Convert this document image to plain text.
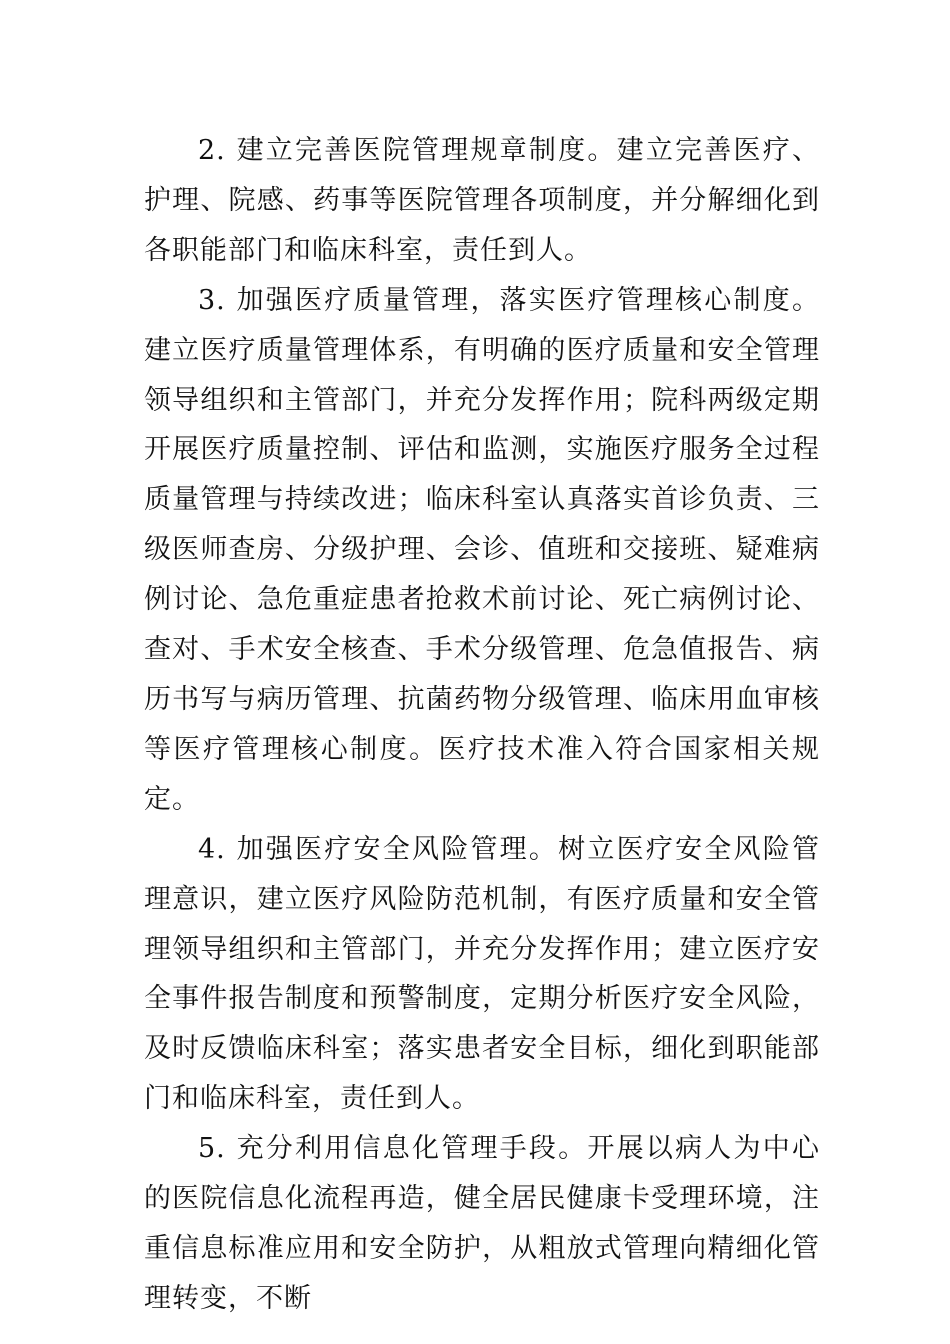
2. 建立完善医院管理规章制度。建立完善医疗、护理、院感、药事等医院管理各项制度，并分解细化到各职能部门和临床科室，责任到人。

3. 加强医疗质量管理，落实医疗管理核心制度。建立医疗质量管理体系，有明确的医疗质量和安全管理领导组织和主管部门，并充分发挥作用；院科两级定期开展医疗质量控制、评估和监测，实施医疗服务全过程质量管理与持续改进；临床科室认真落实首诊负责、三级医师查房、分级护理、会诊、值班和交接班、疑难病例讨论、急危重症患者抢救术前讨论、死亡病例讨论、查对、手术安全核查、手术分级管理、危急值报告、病历书写与病历管理、抗菌药物分级管理、临床用血审核等医疗管理核心制度。医疗技术准入符合国家相关规定。

4. 加强医疗安全风险管理。树立医疗安全风险管理意识，建立医疗风险防范机制，有医疗质量和安全管理领导组织和主管部门，并充分发挥作用；建立医疗安全事件报告制度和预警制度，定期分析医疗安全风险，及时反馈临床科室；落实患者安全目标，细化到职能部门和临床科室，责任到人。

5. 充分利用信息化管理手段。开展以病人为中心的医院信息化流程再造，健全居民健康卡受理环境，注重信息标准应用和安全防护，从粗放式管理向精细化管理转变，不断
